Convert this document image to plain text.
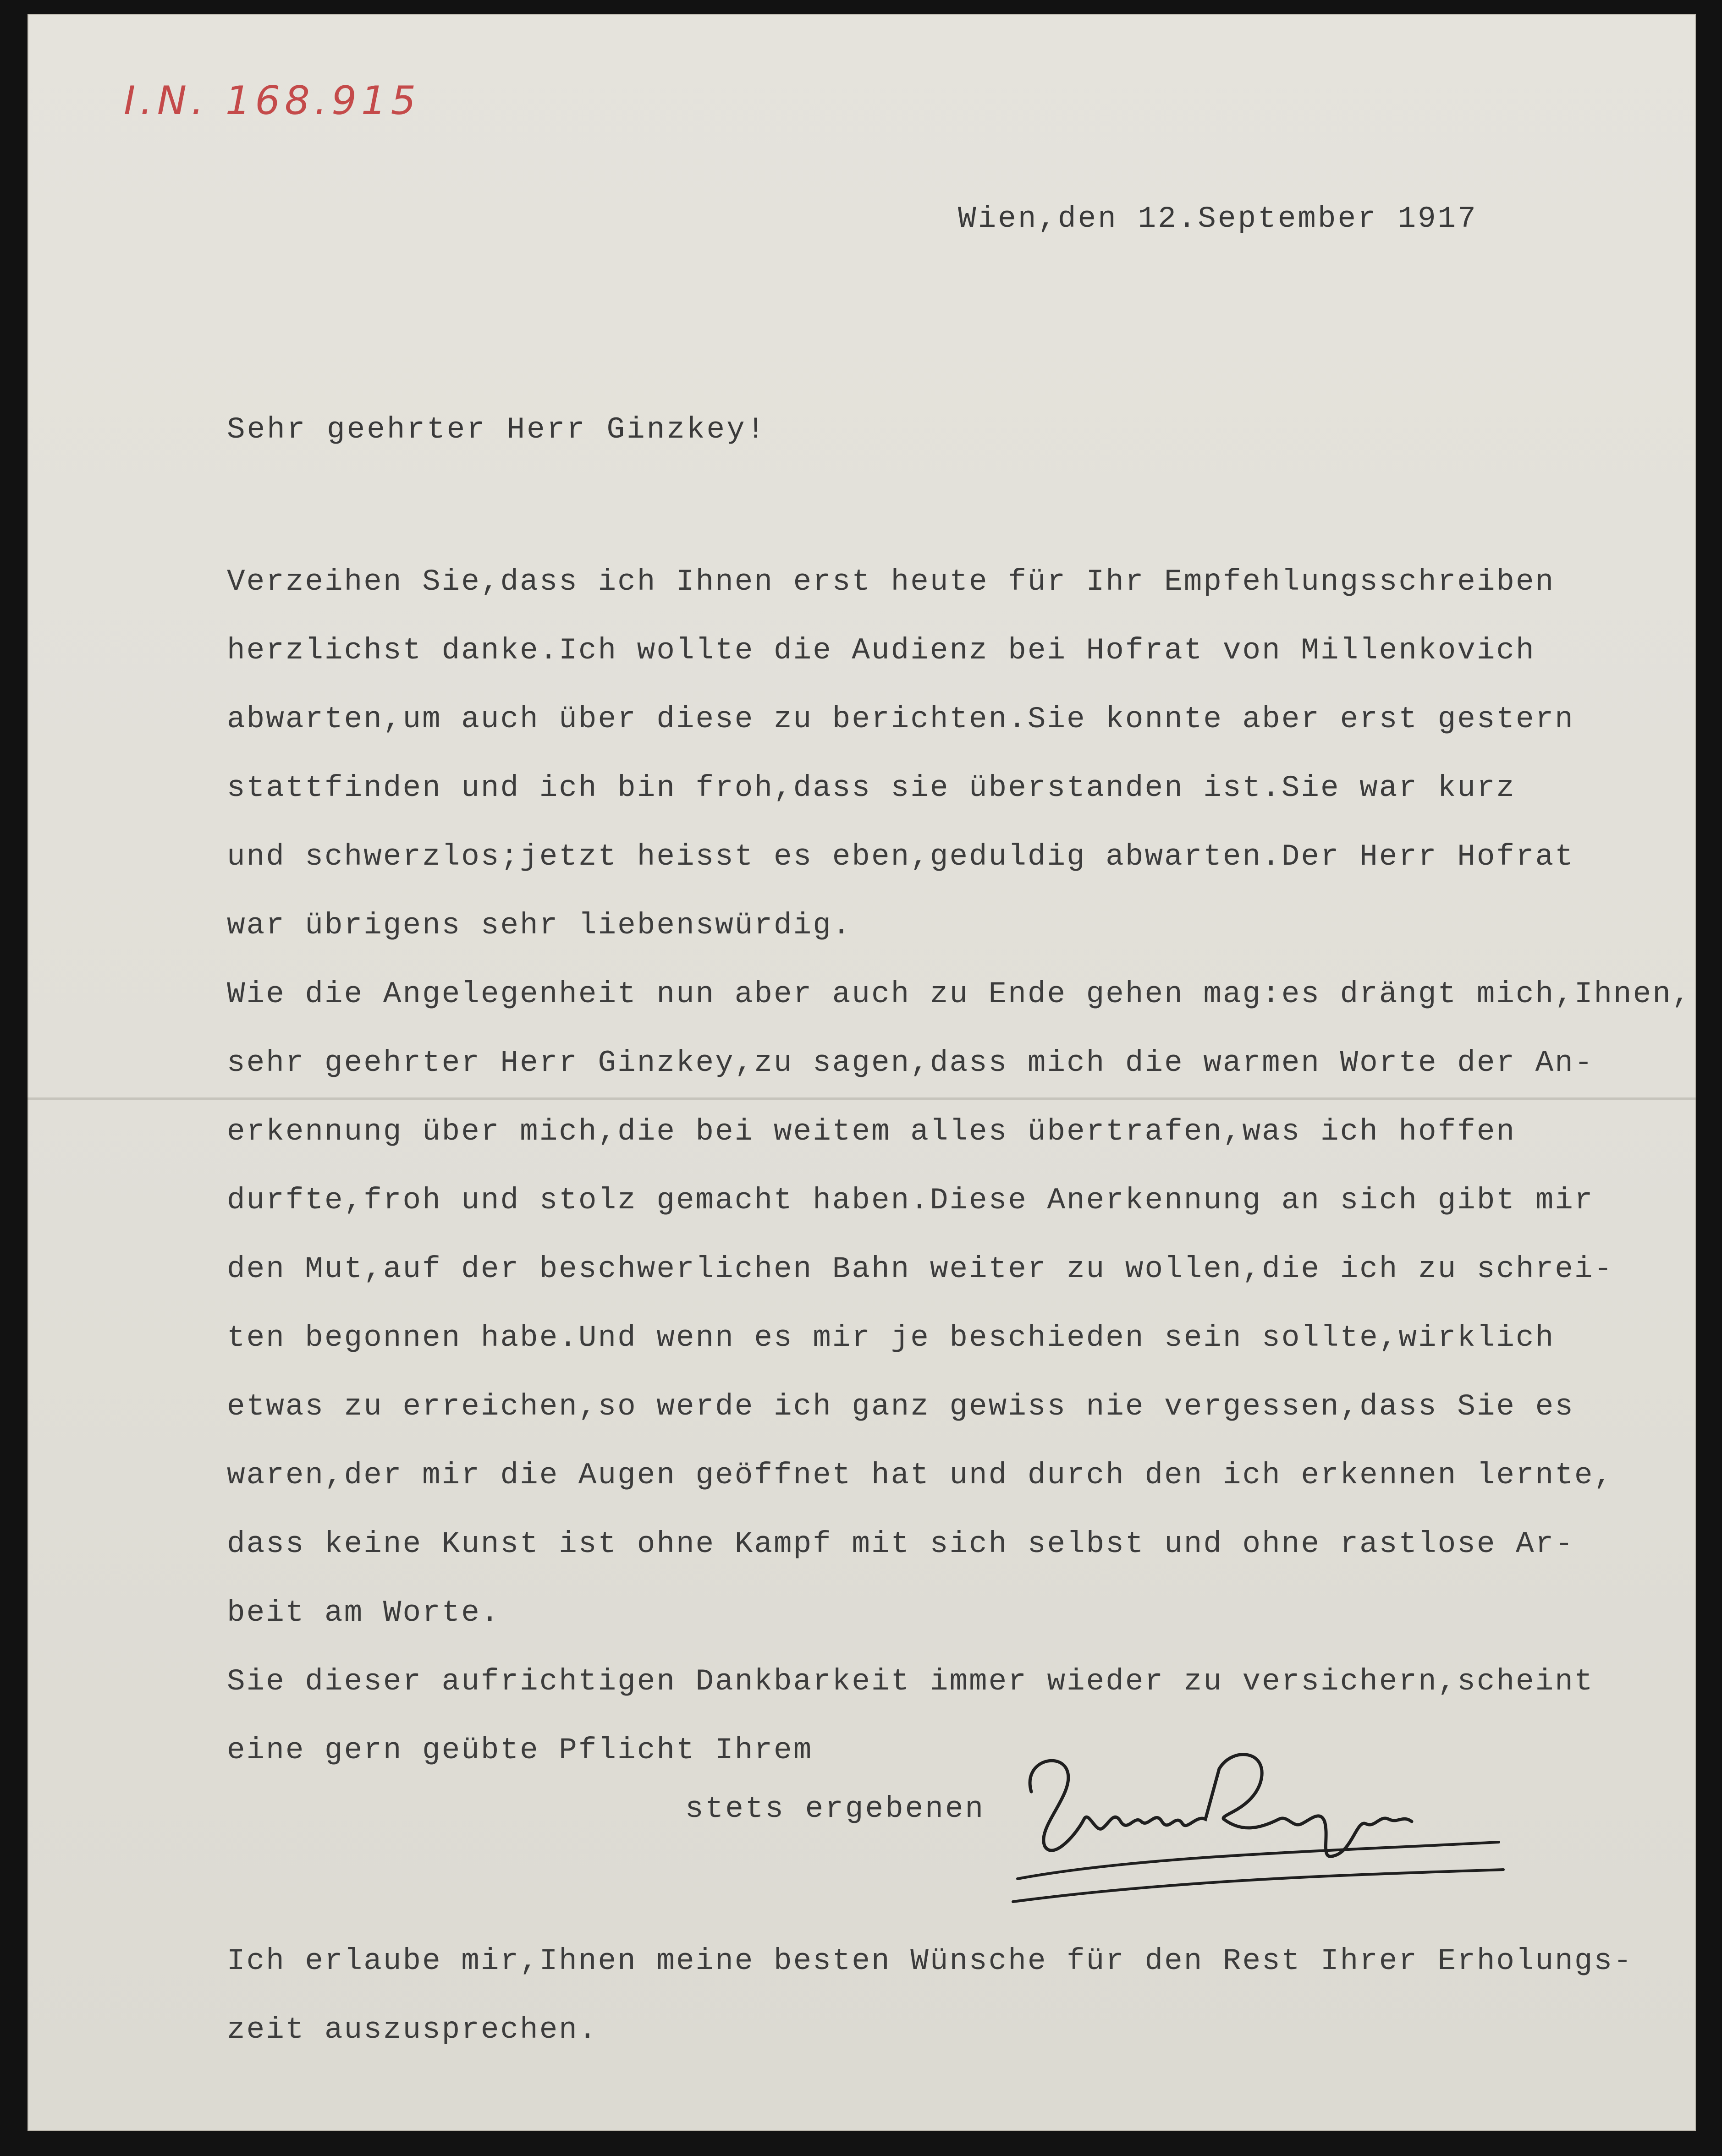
I.N. 168.915
Wien,den 12.September 1917
Sehr geehrter Herr Ginzkey!
Verzeihen Sie,dass ich Ihnen erst heute für Ihr Empfehlungsschreiben
herzlichst danke.Ich wollte die Audienz bei Hofrat von Millenkovich
abwarten,um auch über diese zu berichten.Sie konnte aber erst gestern
stattfinden und ich bin froh,dass sie überstanden ist.Sie war kurz
und schwerzlos;jetzt heisst es eben,geduldig abwarten.Der Herr Hofrat
war übrigens sehr liebenswürdig.
Wie die Angelegenheit nun aber auch zu Ende gehen mag:es drängt mich,Ihnen,
sehr geehrter Herr Ginzkey,zu sagen,dass mich die warmen Worte der An-
erkennung über mich,die bei weitem alles übertrafen,was ich hoffen
durfte,froh und stolz gemacht haben.Diese Anerkennung an sich gibt mir
den Mut,auf der beschwerlichen Bahn weiter zu wollen,die ich zu schrei-
ten begonnen habe.Und wenn es mir je beschieden sein sollte,wirklich
etwas zu erreichen,so werde ich ganz gewiss nie vergessen,dass Sie es
waren,der mir die Augen geöffnet hat und durch den ich erkennen lernte,
dass keine Kunst ist ohne Kampf mit sich selbst und ohne rastlose Ar-
beit am Worte.
Sie dieser aufrichtigen Dankbarkeit immer wieder zu versichern,scheint
eine gern geübte Pflicht Ihrem
stets ergebenen
Ich erlaube mir,Ihnen meine besten Wünsche für den Rest Ihrer Erholungs-
zeit auszusprechen.
